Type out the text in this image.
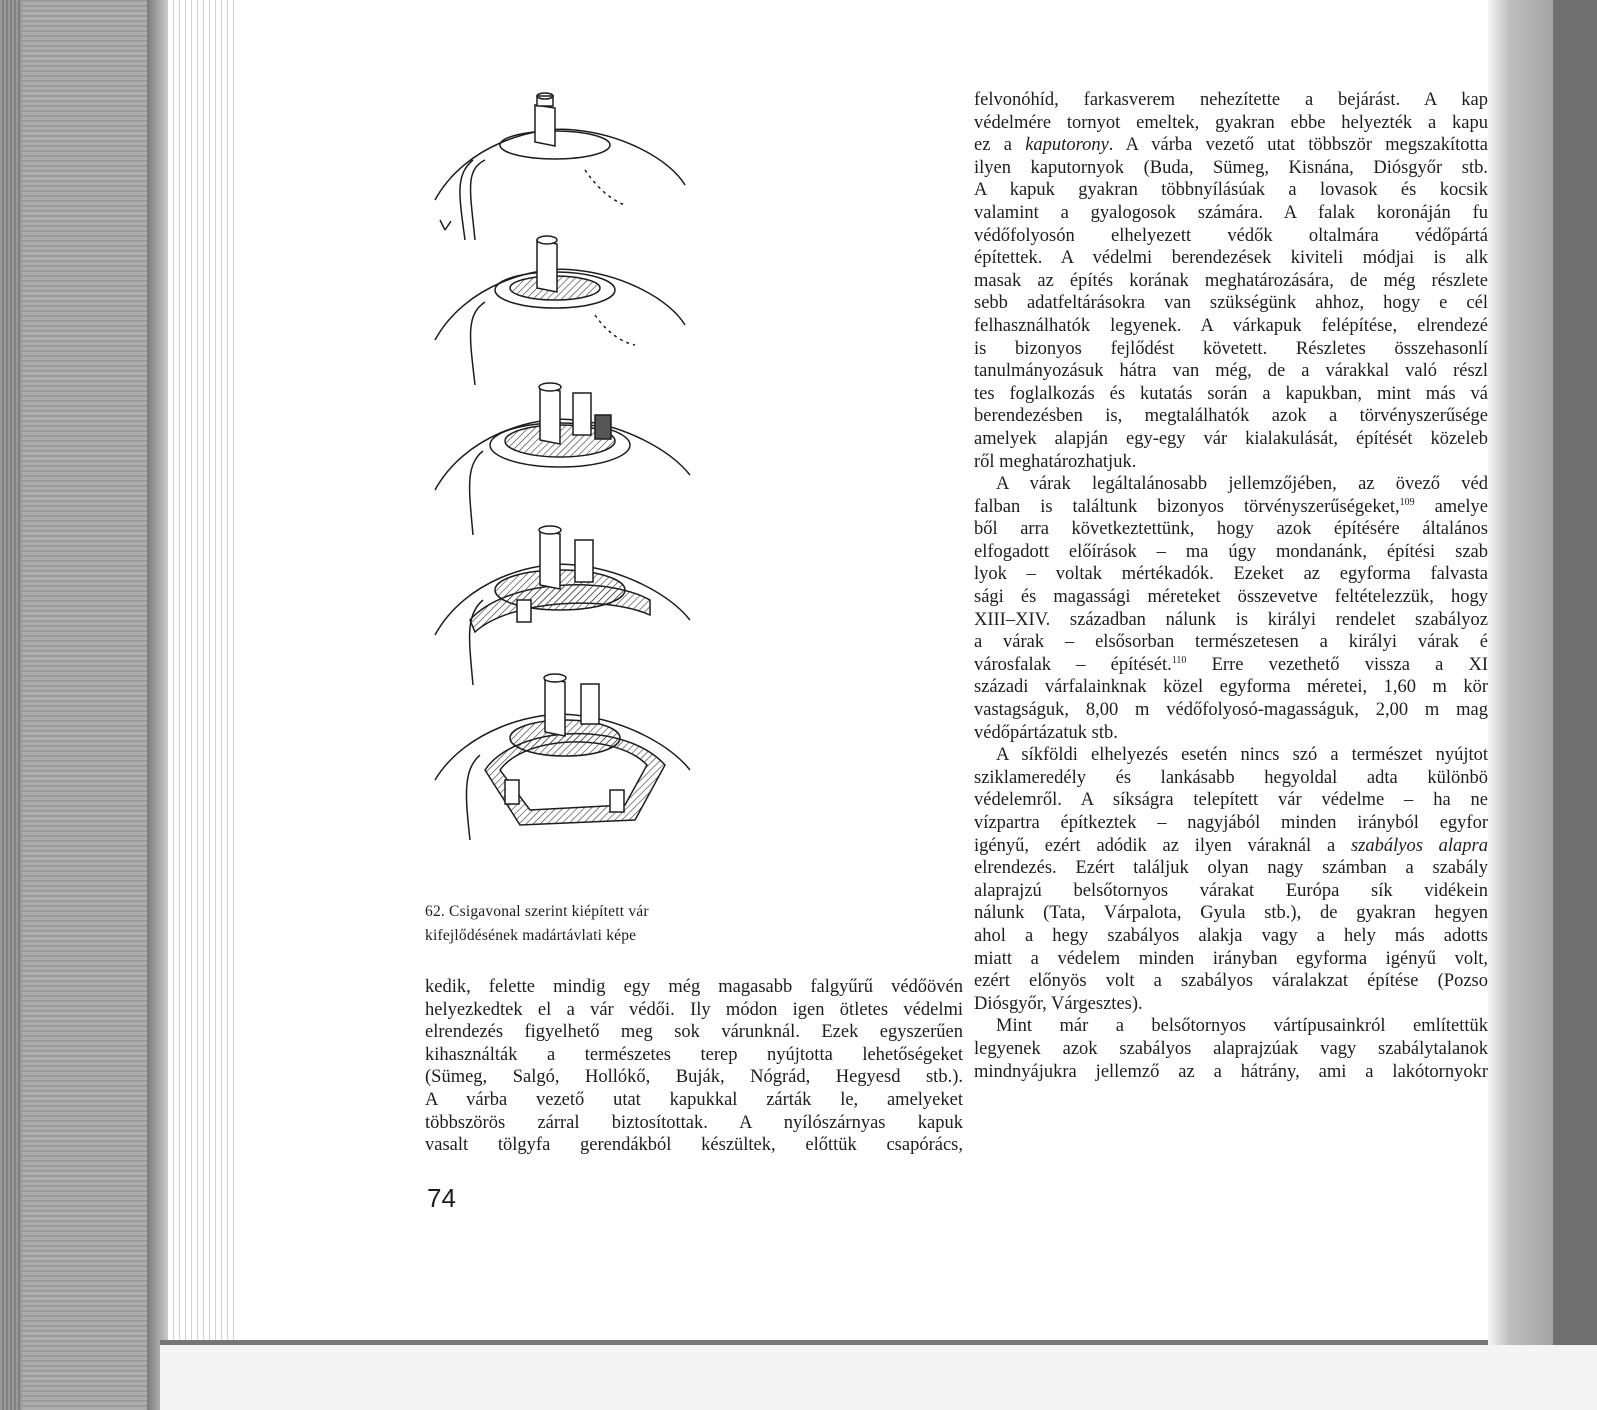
62. Csigavonal szerint kiépített vár
kifejlődésének madártávlati képe
kedik, felette mindig egy még magasabb falgyűrű védőövén
helyezkedtek el a vár védői. Ily módon igen ötletes védelmi
elrendezés figyelhető meg sok várunknál. Ezek egyszerűen
kihasználták a természetes terep nyújtotta lehetőségeket
(Sümeg, Salgó, Hollókő, Buják, Nógrád, Hegyesd stb.).
A várba vezető utat kapukkal zárták le, amelyeket
többszörös zárral biztosítottak. A nyílószárnyas kapuk
vasalt tölgyfa gerendákból készültek, előttük csapórács,
74
felvonóhíd, farkasverem nehezítette a bejárást. A kap
védelmére tornyot emeltek, gyakran ebbe helyezték a kapu
ez a kaputorony. A várba vezető utat többször megszakította
ilyen kaputornyok (Buda, Sümeg, Kisnána, Diósgyőr stb.
A kapuk gyakran többnyílásúak a lovasok és kocsik
valamint a gyalogosok számára. A falak koronáján fu
védőfolyosón elhelyezett védők oltalmára védőpártá
építettek. A védelmi berendezések kiviteli módjai is alk
masak az építés korának meghatározására, de még részlete
sebb adatfeltárásokra van szükségünk ahhoz, hogy e cél
felhasználhatók legyenek. A várkapuk felépítése, elrendezé
is bizonyos fejlődést követett. Részletes összehasonlí
tanulmányozásuk hátra van még, de a várakkal való részl
tes foglalkozás és kutatás során a kapukban, mint más vá
berendezésben is, megtalálhatók azok a törvényszerűsége
amelyek alapján egy-egy vár kialakulását, építését közeleb
ről meghatározhatjuk.
A várak legáltalánosabb jellemzőjében, az övező véd
falban is találtunk bizonyos törvényszerűségeket,$^{109}$ amelye
ből arra következtettünk, hogy azok építésére általános
elfogadott előírások – ma úgy mondanánk, építési szab
lyok – voltak mértékadók. Ezeket az egyforma falvasta
sági és magassági méreteket összevetve feltételezzük, hogy
XIII–XIV. században nálunk is királyi rendelet szabályoz
a várak – elsősorban természetesen a királyi várak é
városfalak – építését.$^{110}$ Erre vezethető vissza a XI
századi várfalainknak közel egyforma méretei, 1,60 m kör
vastagságuk, 8,00 m védőfolyosó-magasságuk, 2,00 m mag
védőpártázatuk stb.
A síkföldi elhelyezés esetén nincs szó a természet nyújtot
sziklameredély és lankásabb hegyoldal adta különbö
védelemről. A síkságra telepített vár védelme – ha ne
vízpartra építkeztek – nagyjából minden irányból egyfor
igényű, ezért adódik az ilyen váraknál a szabályos alapra
elrendezés. Ezért találjuk olyan nagy számban a szabály
alaprajzú belsőtornyos várakat Európa sík vidékein
nálunk (Tata, Várpalota, Gyula stb.), de gyakran hegyen
ahol a hegy szabályos alakja vagy a hely más adotts
miatt a védelem minden irányban egyforma igényű volt,
ezért előnyös volt a szabályos váralakzat építése (Pozso
Diósgyőr, Várgesztes).
Mint már a belsőtornyos vártípusainkról említettük
legyenek azok szabályos alaprajzúak vagy szabálytalanok
mindnyájukra jellemző az a hátrány, ami a lakótornyokr
